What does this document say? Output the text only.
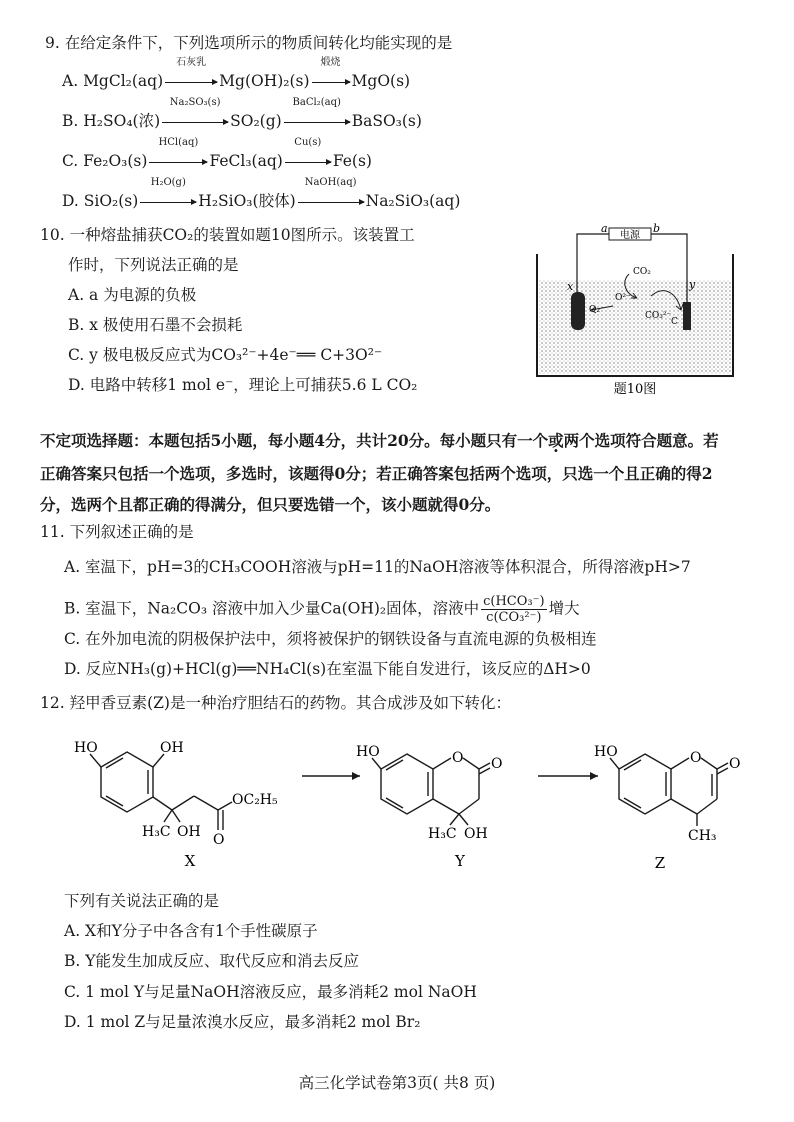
9. 在给定条件下，下列选项所示的物质间转化均能实现的是
A. MgCl₂(aq)
石灰乳
Mg(OH)₂(s)
煅烧
MgO(s)
B. H₂SO₄(浓)
Na₂SO₃(s)
SO₂(g)
BaCl₂(aq)
BaSO₃(s)
C. Fe₂O₃(s)
HCl(aq)
FeCl₃(aq)
Cu(s)
Fe(s)
D. SiO₂(s)
H₂O(g)
H₂SiO₃(胶体)
NaOH(aq)
Na₂SiO₃(aq)
10. 一种熔盐捕获CO₂的装置如题10图所示。该装置工
作时，下列说法正确的是
A. a 为电源的负极
B. x 极使用石墨不会损耗
C. y 极电极反应式为CO₃²⁻+4e⁻══ C+3O²⁻
D. 电路中转移1 mol e⁻，理论上可捕获5.6 L CO₂
电源
a	b
x	y
O₂
O²⁻
CO₂
CO₃²⁻
C
题10图
不定项选择题：本题包括5小题，每小题4分，共计20分。每小题只有一个或两个 ·选项符合题意。若
正确答案只包括一个选项，多选时，该题得0分；若正确答案包括两个选项，只选一个且正确的得2
分，选两个且都正确的得满分，但只要选错一个，该小题就得0分。
11. 下列叙述正确的是
A. 室温下，pH=3的CH₃COOH溶液与pH=11的NaOH溶液等体积混合，所得溶液pH>7
B. 室温下，Na₂CO₃ 溶液中加入少量Ca(OH)₂固体，溶液中 $\frac{\text{c(HCO₃⁻)}}{\text{c(CO₃²⁻)}}$ 增大
C. 在外加电流的阴极保护法中，须将被保护的钢铁设备与直流电源的负极相连
D. 反应NH₃(g)+HCl(g)══NH₄Cl(s)在室温下能自发进行，该反应的ΔH>0
12. 羟甲香豆素(Z)是一种治疗胆结石的药物。其合成涉及如下转化：
HO	OH
OC₂H₅
O
H₃C OH
X
HO	O O
H₃C OH
Y
HO	O O
CH₃
Z
下列有关说法正确的是
A. X和Y分子中各含有1个手性碳原子
B. Y能发生加成反应、取代反应和消去反应
C. 1 mol Y与足量NaOH溶液反应，最多消耗2 mol NaOH
D. 1 mol Z与足量浓溴水反应，最多消耗2 mol Br₂
高三化学试卷第3页( 共8 页)
